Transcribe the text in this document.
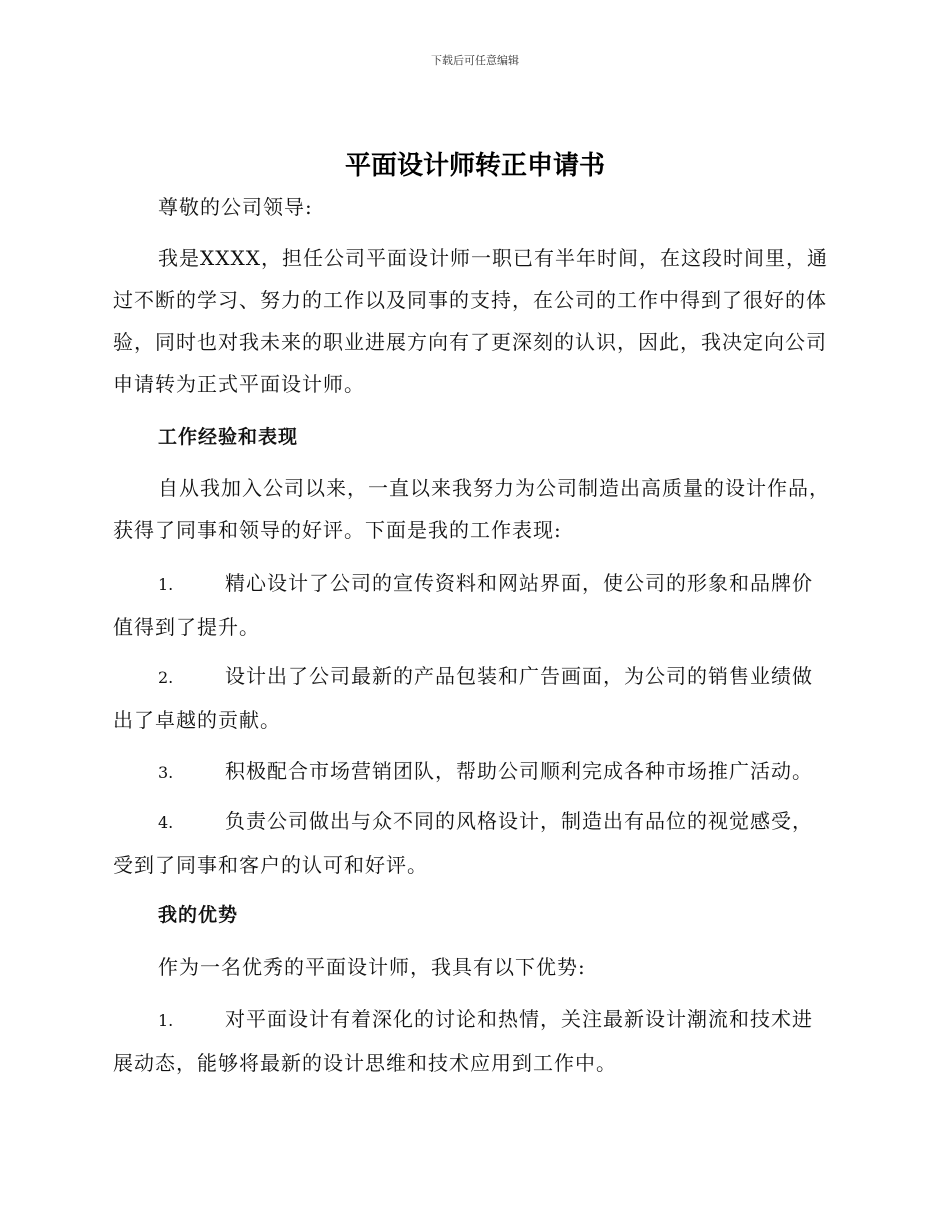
下载后可任意编辑
平面设计师转正申请书

尊敬的公司领导:

我是XXXX，担任公司平面设计师一职已有半年时间，在这段时间里，通过不断的学习、努力的工作以及同事的支持，在公司的工作中得到了很好的体验，同时也对我未来的职业进展方向有了更深刻的认识，因此，我决定向公司申请转为正式平面设计师。

工作经验和表现

自从我加入公司以来，一直以来我努力为公司制造出高质量的设计作品，获得了同事和领导的好评。下面是我的工作表现:

1.	精心设计了公司的宣传资料和网站界面，使公司的形象和品牌价值得到了提升。

2.	设计出了公司最新的产品包装和广告画面，为公司的销售业绩做出了卓越的贡献。

3.	积极配合市场营销团队，帮助公司顺利完成各种市场推广活动。

4.	负责公司做出与众不同的风格设计，制造出有品位的视觉感受，受到了同事和客户的认可和好评。

我的优势

作为一名优秀的平面设计师，我具有以下优势:

1.	对平面设计有着深化的讨论和热情，关注最新设计潮流和技术进展动态，能够将最新的设计思维和技术应用到工作中。
